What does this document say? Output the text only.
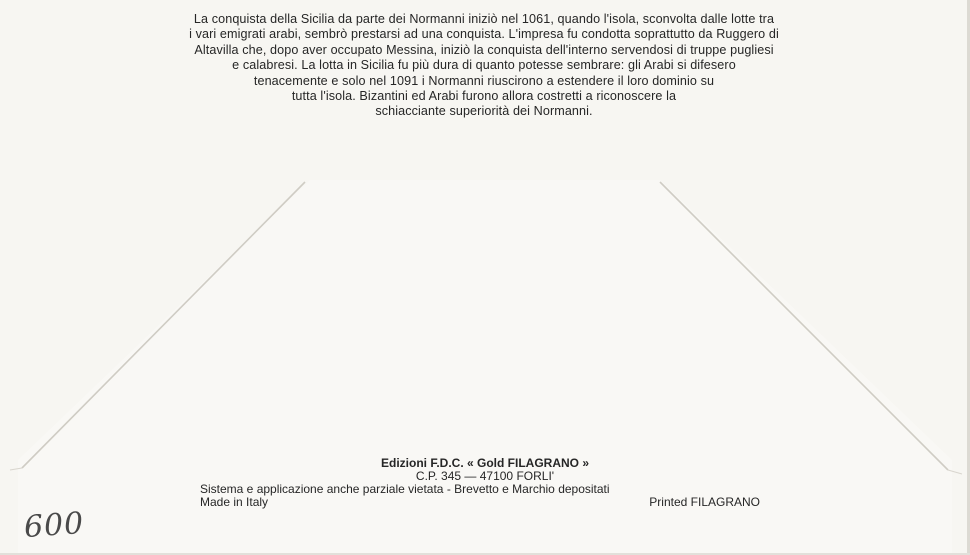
La conquista della Sicilia da parte dei Normanni iniziò nel 1061, quando l'isola, sconvolta dalle lotte tra
i vari emigrati arabi, sembrò prestarsi ad una conquista. L'impresa fu condotta soprattutto da Ruggero di
Altavilla che, dopo aver occupato Messina, iniziò la conquista dell'interno servendosi di truppe pugliesi
e calabresi. La lotta in Sicilia fu più dura di quanto potesse sembrare: gli Arabi si difesero
tenacemente e solo nel 1091 i Normanni riuscirono a estendere il loro dominio su
tutta l'isola. Bizantini ed Arabi furono allora costretti a riconoscere la
schiacciante superiorità dei Normanni.
Edizioni F.D.C. « Gold FILAGRANO »
C.P. 345 — 47100 FORLI'
Sistema e applicazione anche parziale vietata - Brevetto e Marchio depositati
Made in Italy	Printed FILAGRANO
600
